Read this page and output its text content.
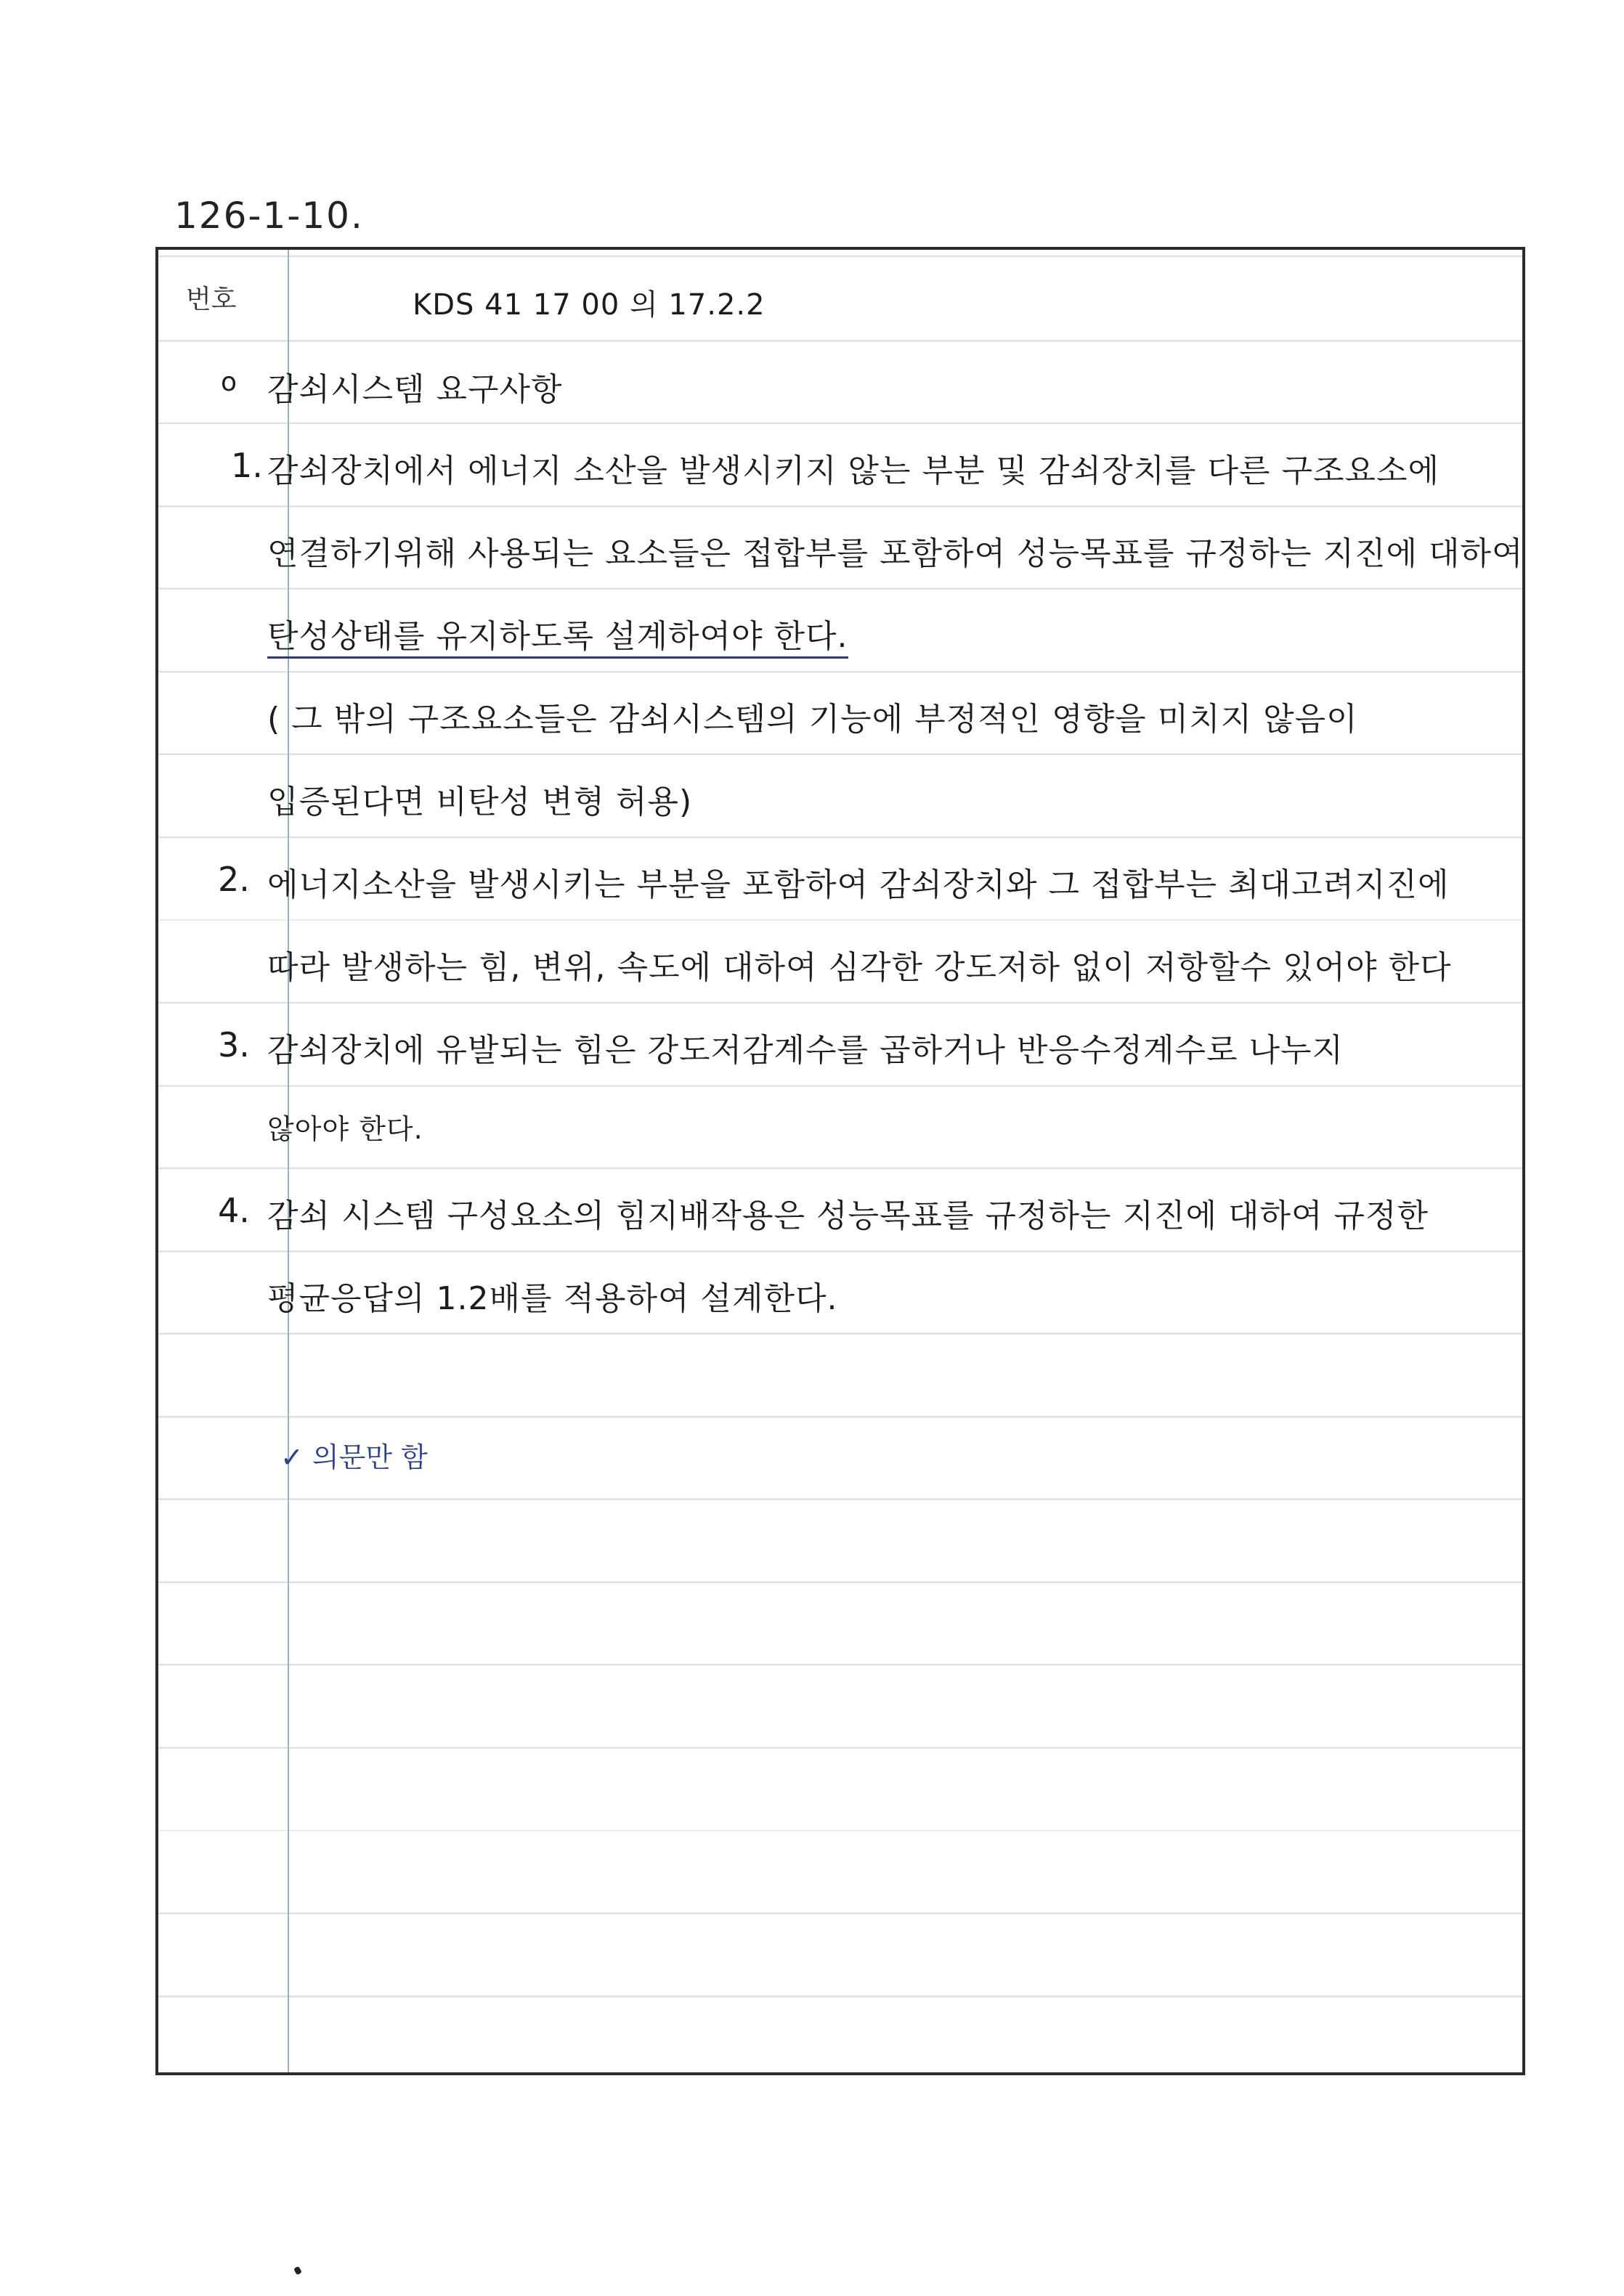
126-1-10.
번호	KDS 41 17 00 의 17.2.2
o 감쇠시스템 요구사항
1. 감쇠장치에서 에너지 소산을 발생시키지 않는 부분 및 감쇠장치를 다른 구조요소에
연결하기위해 사용되는 요소들은 접합부를 포함하여 성능목표를 규정하는 지진에 대하여
탄성상태를 유지하도록 설계하여야 한다.
( 그 밖의 구조요소들은 감쇠시스템의 기능에 부정적인 영향을 미치지 않음이
입증된다면 비탄성 변형 허용)
2. 에너지소산을 발생시키는 부분을 포함하여 감쇠장치와 그 접합부는 최대고려지진에
따라 발생하는 힘, 변위, 속도에 대하여 심각한 강도저하 없이 저항할수 있어야 한다
3. 감쇠장치에 유발되는 힘은 강도저감계수를 곱하거나 반응수정계수로 나누지
않아야 한다.
4. 감쇠 시스템 구성요소의 힘지배작용은 성능목표를 규정하는 지진에 대하여 규정한
평균응답의 1.2배를 적용하여 설계한다.
✓ 의문만 함
